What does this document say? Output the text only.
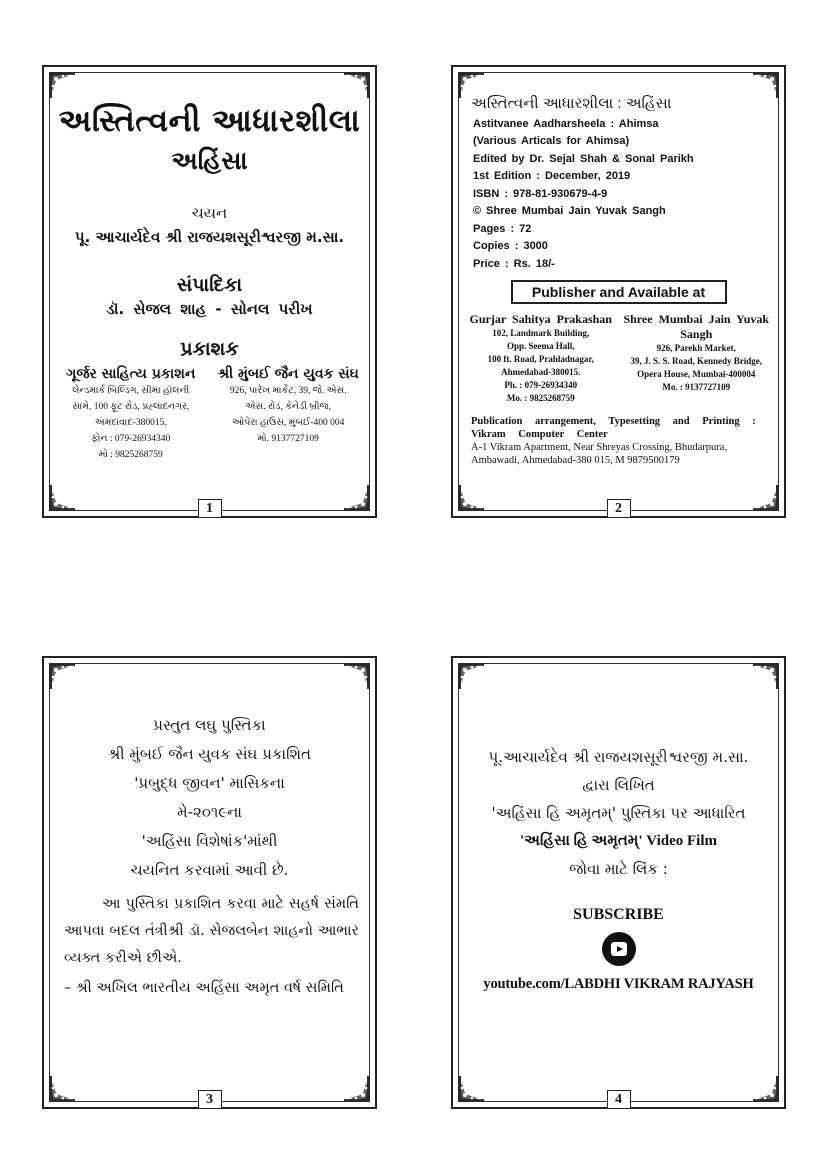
અસ્તિત્વની આધારશીલા
અહિંસા
ચયન
પૂ. આચાર્યદેવ શ્રી રાજયશસૂરીશ્વરજી મ.સા.
સંપાદિકા
ડૉ. સેજલ શાહ - સોનલ પરીખ
પ્રકાશક
ગૂર્જર સાહિત્ય પ્રકાશન
લેન્ડમાર્ક બિલ્ડિંગ, સીમા હૉલની
સામે, 100 ફૂટ રોડ, પ્રહ્લાદનગર,
અમદાવાદ-380015.
ફોન : 079-26934340
મો : 9825268759
શ્રી મુંબઈ જૈન યુવક સંઘ
926, પારેખ માર્કેટ, 39, જે. એસ.
એસ. રોડ, કેનેડી બ્રીજ,
ઓપેરા હાઉસ, મુંબઈ-400 004
મો. 9137727109
1
અસ્તિત્વની આધારશીલા : અહિંસા
Astitvanee Aadharsheela : Ahimsa
(Various Articals for Ahimsa)
Edited by Dr. Sejal Shah & Sonal Parikh
1st Edition : December, 2019
ISBN : 978-81-930679-4-9
© Shree Mumbai Jain Yuvak Sangh
Pages : 72
Copies : 3000
Price : Rs. 18/-
Publisher and Available at
Gurjar Sahitya Prakashan
102, Landmark Building,
Opp. Seema Hall,
100 ft. Road, Prahladnagar,
Ahmedabad-380015.
Ph. : 079-26934340
Mo. : 9825268759
Shree Mumbai Jain Yuvak Sangh
926, Parekh Market,
39, J. S. S. Road, Kennedy Bridge,
Opera House, Mumbai-400004
Mo. : 9137727109
Publication arrangement, Typesetting and Printing :
Vikram Computer Center
A-1 Vikram Apartment, Near Shreyas Crossing, Bhudarpura, Ambawadi, Ahmedabad-380 015, M 9879500179
2
પ્રસ્તુત લઘુ પુસ્તિકા
શ્રી મુંબઈ જૈન યુવક સંઘ પ્રકાશિત
'પ્રબુદ્ધ જીવન' માસિકના
મે-૨૦૧૯ના
'અહિંસા વિશેષાંક'માંથી
ચયનિત કરવામાં આવી છે.
આ પુસ્તિકા પ્રકાશિત કરવા માટે સહર્ષ સંમતિ આપવા બદલ તંત્રીશ્રી ડૉ. સેજલબેન શાહનો આભાર વ્યક્ત કરીએ છીએ.
– શ્રી અખિલ ભારતીય અહિંસા અમૃત વર્ષ સમિતિ
3
પૂ.આચાર્યદેવ શ્રી રાજયશસૂરીશ્વરજી મ.સા.
દ્વારા લિખિત
'અહિંસા હિ અમૃતમ્' પુસ્તિકા પર આધારિત
'અહિંસા હિ અમૃતમ્' Video Film
જોવા માટે લિંક :
SUBSCRIBE
youtube.com/LABDHI VIKRAM RAJYASH
4
